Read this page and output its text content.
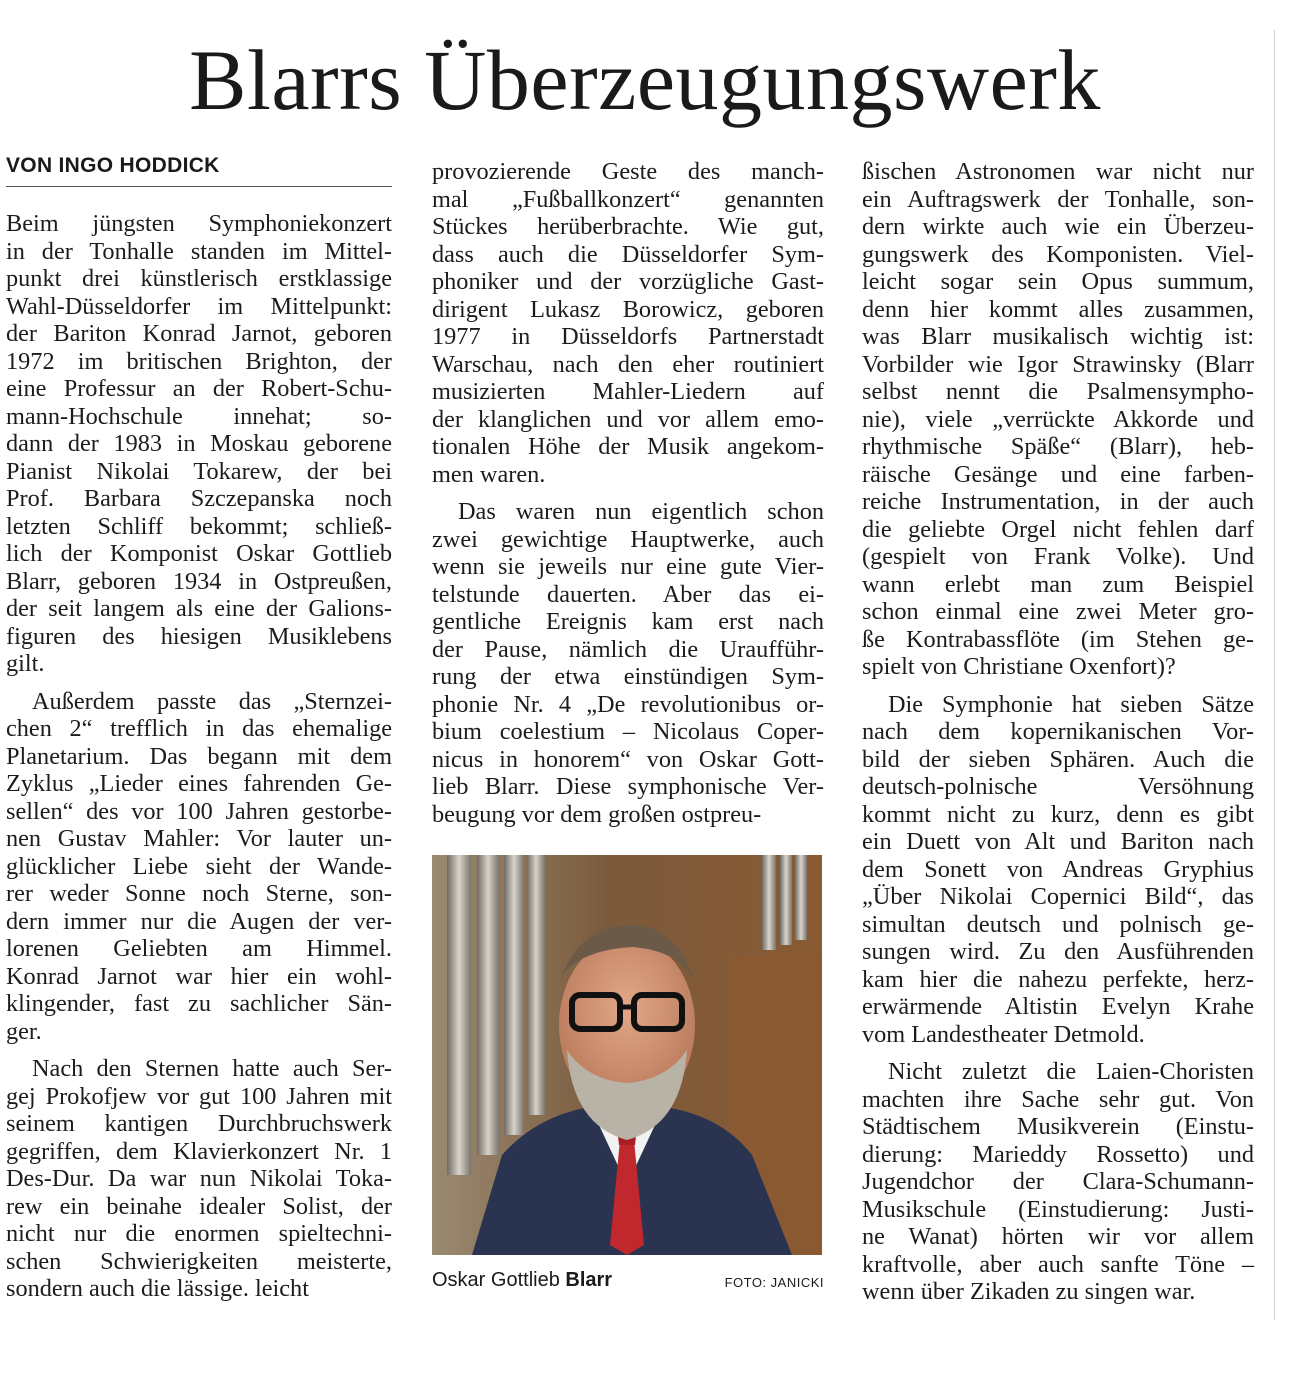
Blarrs Überzeugungswerk
VON INGO HODDICK

Beim jüngsten Symphoniekonzert
in der Tonhalle standen im Mittel-
punkt drei künstlerisch erstklassige
Wahl-Düsseldorfer im Mittelpunkt:
der Bariton Konrad Jarnot, geboren
1972 im britischen Brighton, der
eine Professur an der Robert-Schu-
mann-Hochschule innehat; so-
dann der 1983 in Moskau geborene
Pianist Nikolai Tokarew, der bei
Prof. Barbara Szczepanska noch
letzten Schliff bekommt; schließ-
lich der Komponist Oskar Gottlieb
Blarr, geboren 1934 in Ostpreußen,
der seit langem als eine der Galions-
figuren des hiesigen Musiklebens
gilt.

Außerdem passte das „Sternzei-
chen 2“ trefflich in das ehemalige
Planetarium. Das begann mit dem
Zyklus „Lieder eines fahrenden Ge-
sellen“ des vor 100 Jahren gestorbe-
nen Gustav Mahler: Vor lauter un-
glücklicher Liebe sieht der Wande-
rer weder Sonne noch Sterne, son-
dern immer nur die Augen der ver-
lorenen Geliebten am Himmel.
Konrad Jarnot war hier ein wohl-
klingender, fast zu sachlicher Sän-
ger.

Nach den Sternen hatte auch Ser-
gej Prokofjew vor gut 100 Jahren mit
seinem kantigen Durchbruchswerk
gegriffen, dem Klavierkonzert Nr. 1
Des-Dur. Da war nun Nikolai Toka-
rew ein beinahe idealer Solist, der
nicht nur die enormen spieltechni-
schen Schwierigkeiten meisterte,
sondern auch die lässige. leicht

provozierende Geste des manch-
mal „Fußballkonzert“ genannten
Stückes herüberbrachte. Wie gut,
dass auch die Düsseldorfer Sym-
phoniker und der vorzügliche Gast-
dirigent Lukasz Borowicz, geboren
1977 in Düsseldorfs Partnerstadt
Warschau, nach den eher routiniert
musizierten Mahler-Liedern auf
der klanglichen und vor allem emo-
tionalen Höhe der Musik angekom-
men waren.

Das waren nun eigentlich schon
zwei gewichtige Hauptwerke, auch
wenn sie jeweils nur eine gute Vier-
telstunde dauerten. Aber das ei-
gentliche Ereignis kam erst nach
der Pause, nämlich die Uraufführ-
rung der etwa einstündigen Sym-
phonie Nr. 4 „De revolutionibus or-
bium coelestium – Nicolaus Coper-
nicus in honorem“ von Oskar Gott-
lieb Blarr. Diese symphonische Ver-
beugung vor dem großen ostpreu-

ßischen Astronomen war nicht nur
ein Auftragswerk der Tonhalle, son-
dern wirkte auch wie ein Überzeu-
gungswerk des Komponisten. Viel-
leicht sogar sein Opus summum,
denn hier kommt alles zusammen,
was Blarr musikalisch wichtig ist:
Vorbilder wie Igor Strawinsky (Blarr
selbst nennt die Psalmensympho-
nie), viele „verrückte Akkorde und
rhythmische Späße“ (Blarr), heb-
räische Gesänge und eine farben-
reiche Instrumentation, in der auch
die geliebte Orgel nicht fehlen darf
(gespielt von Frank Volke). Und
wann erlebt man zum Beispiel
schon einmal eine zwei Meter gro-
ße Kontrabassflöte (im Stehen ge-
spielt von Christiane Oxenfort)?

Die Symphonie hat sieben Sätze
nach dem kopernikanischen Vor-
bild der sieben Sphären. Auch die
deutsch-polnische Versöhnung
kommt nicht zu kurz, denn es gibt
ein Duett von Alt und Bariton nach
dem Sonett von Andreas Gryphius
„Über Nikolai Copernici Bild“, das
simultan deutsch und polnisch ge-
sungen wird. Zu den Ausführenden
kam hier die nahezu perfekte, herz-
erwärmende Altistin Evelyn Krahe
vom Landestheater Detmold.

Nicht zuletzt die Laien-Choristen
machten ihre Sache sehr gut. Von
Städtischem Musikverein (Einstu-
dierung: Marieddy Rossetto) und
Jugendchor der Clara-Schumann-
Musikschule (Einstudierung: Justi-
ne Wanat) hörten wir vor allem
kraftvolle, aber auch sanfte Töne –
wenn über Zikaden zu singen war.

Oskar Gottlieb Blarr	FOTO: JANICKI
